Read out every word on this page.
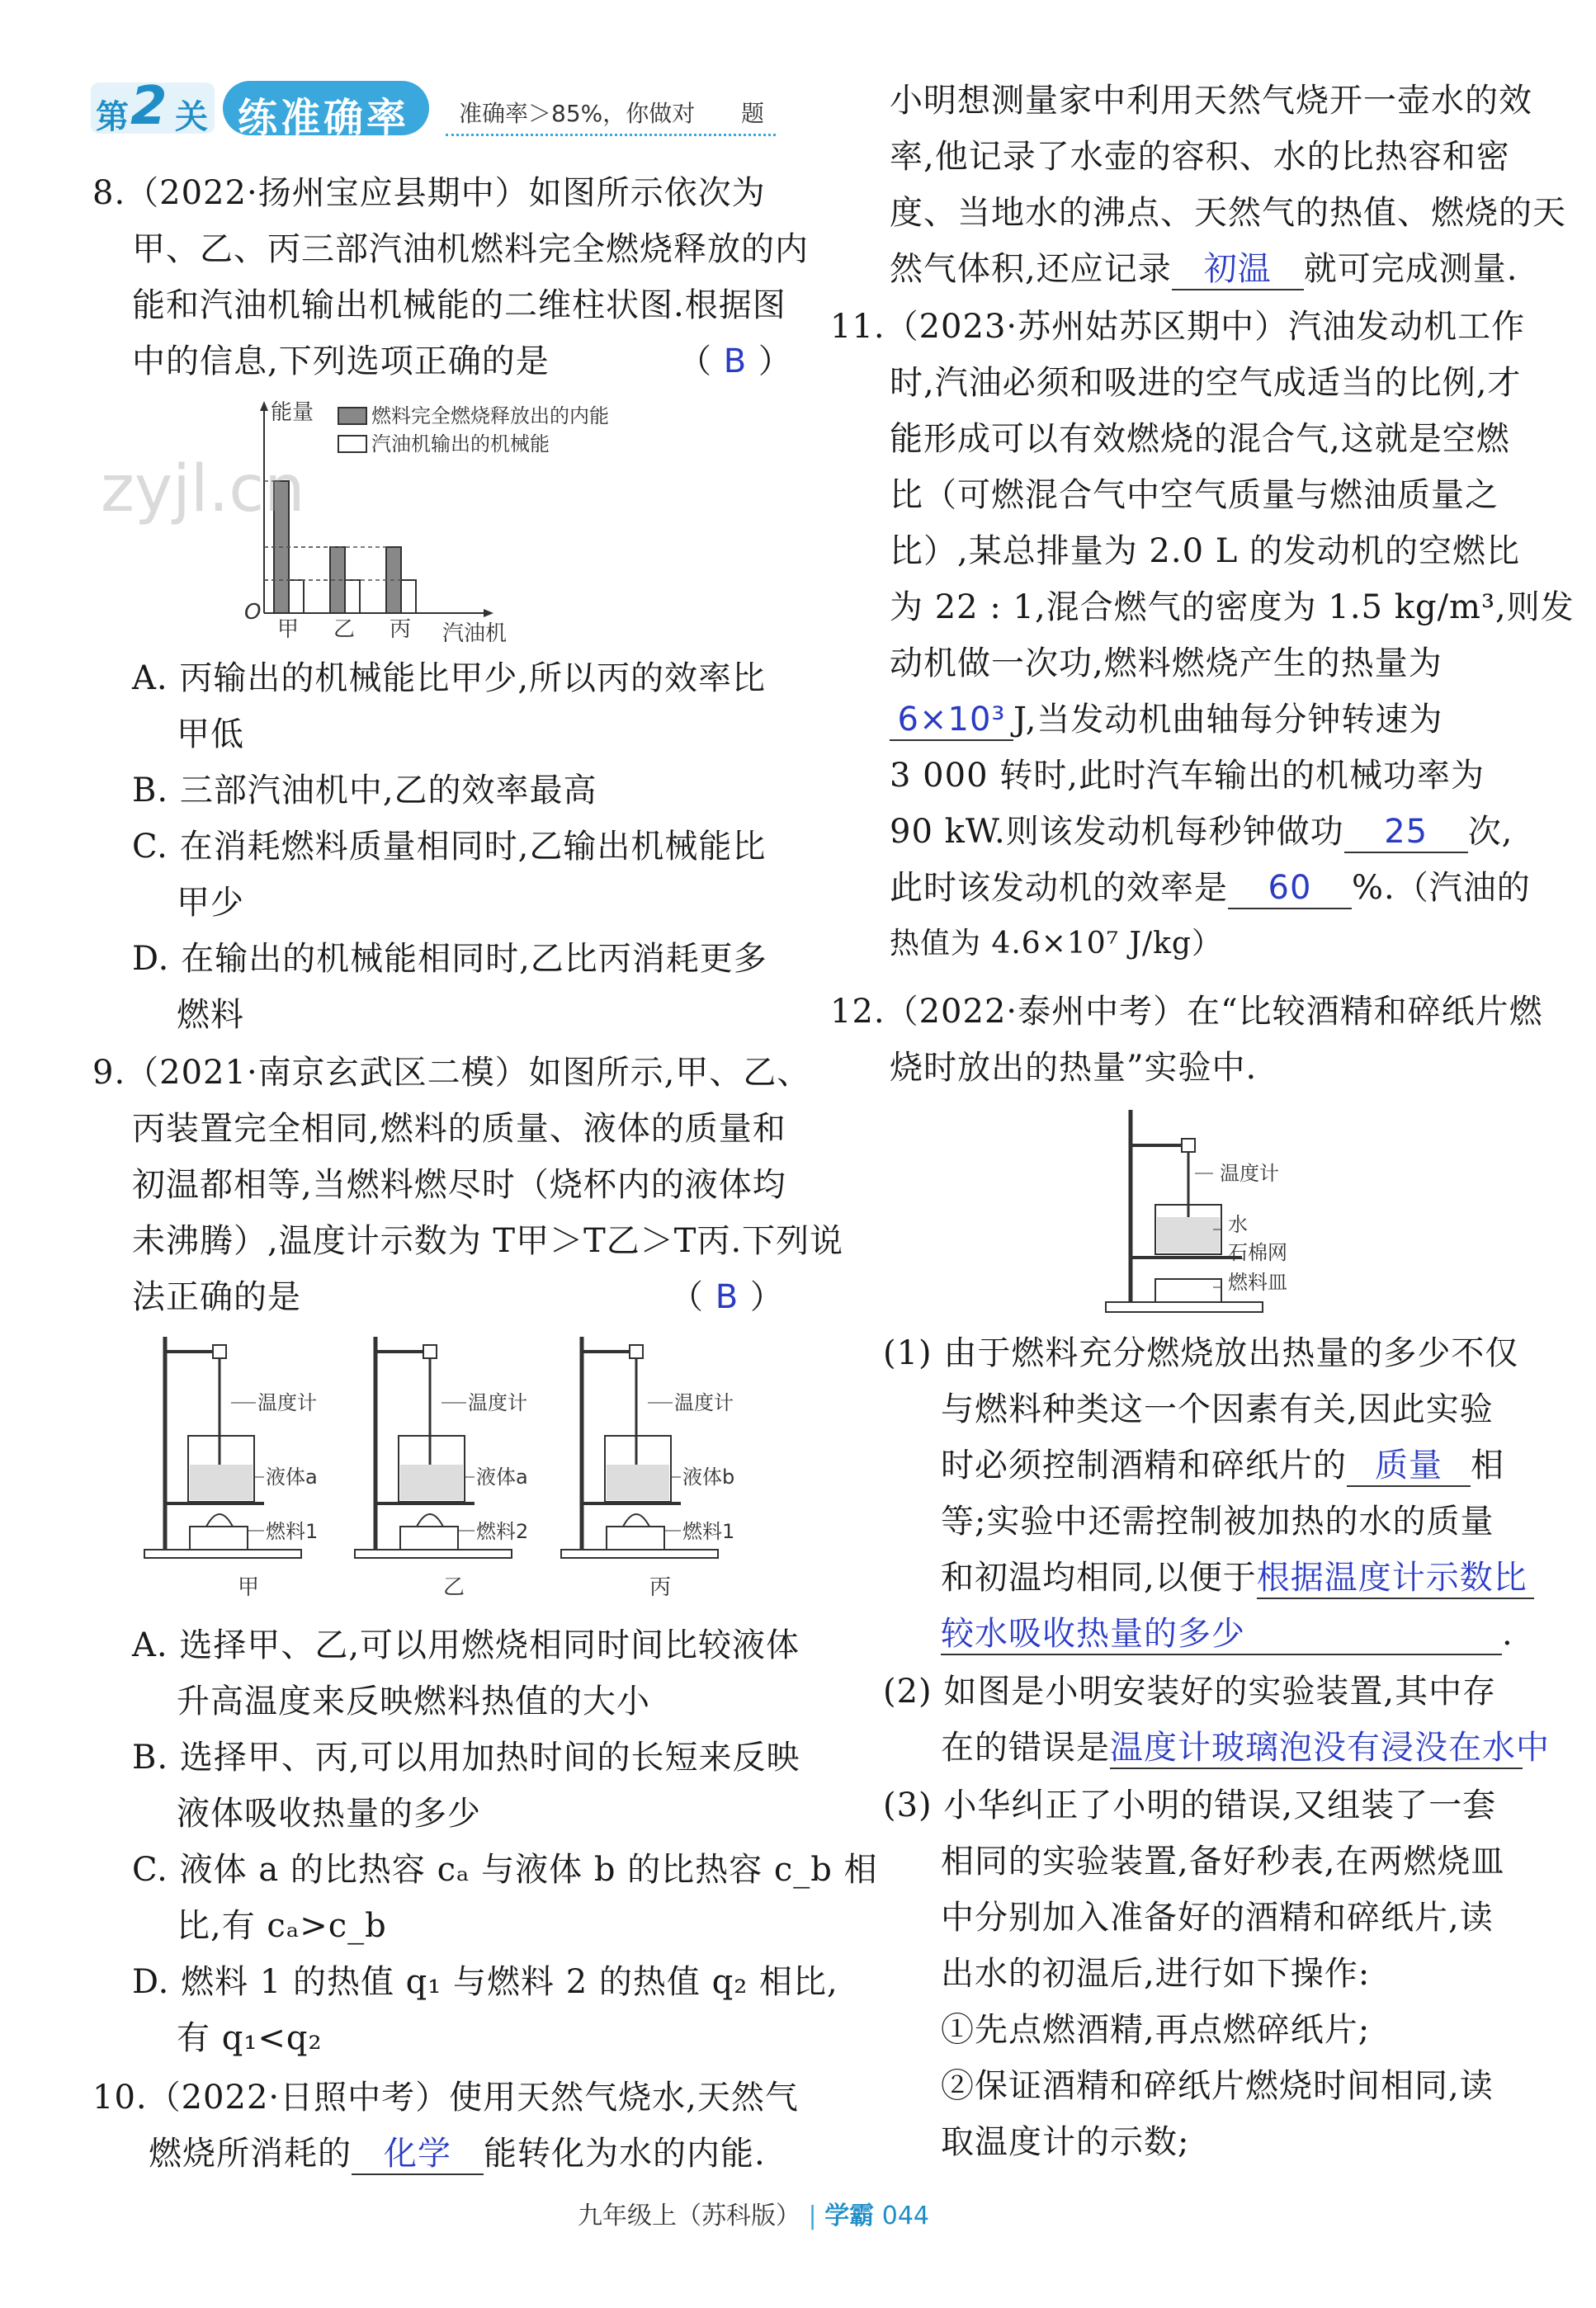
第 2 关 练准确率 准确率＞85%，你做对 题
8.（2022·扬州宝应县期中）如图所示依次为
甲、乙、丙三部汽油机燃料完全燃烧释放的内
能和汽油机输出机械能的二维柱状图.根据图
中的信息,下列选项正确的是	（ B ）
能量
O
汽油机
燃料完全燃烧释放出的内能
汽油机输出的机械能
甲 乙 丙
A. 丙输出的机械能比甲少,所以丙的效率比
甲低
B. 三部汽油机中,乙的效率最高
C. 在消耗燃料质量相同时,乙输出机械能比
甲少
D. 在输出的机械能相同时,乙比丙消耗更多
燃料
9.（2021·南京玄武区二模）如图所示,甲、乙、
丙装置完全相同,燃料的质量、液体的质量和
初温都相等,当燃料燃尽时（烧杯内的液体均
未沸腾）,温度计示数为 T甲＞T乙＞T丙.下列说
法正确的是	（ B ）
温度计
液体a
燃料1
甲
温度计
液体a
燃料2
乙
温度计
液体b
燃料1
丙
A. 选择甲、乙,可以用燃烧相同时间比较液体
升高温度来反映燃料热值的大小
B. 选择甲、丙,可以用加热时间的长短来反映
液体吸收热量的多少
C. 液体 a 的比热容 cₐ 与液体 b 的比热容 c_b 相
比,有 cₐ>c_b
D. 燃料 1 的热值 q₁ 与燃料 2 的热值 q₂ 相比,
有 q₁<q₂
10.（2022·日照中考）使用天然气烧水,天然气
燃烧所消耗的 化学 能转化为水的内能.
小明想测量家中利用天然气烧开一壶水的效
率,他记录了水壶的容积、水的比热容和密
度、当地水的沸点、天然气的热值、燃烧的天
然气体积,还应记录 初温 就可完成测量.
11.（2023·苏州姑苏区期中）汽油发动机工作
时,汽油必须和吸进的空气成适当的比例,才
能形成可以有效燃烧的混合气,这就是空燃
比（可燃混合气中空气质量与燃油质量之
比）,某总排量为 2.0 L 的发动机的空燃比
为 22 : 1,混合燃气的密度为 1.5 kg/m³,则发
动机做一次功,燃料燃烧产生的热量为
6×10³ J,当发动机曲轴每分钟转速为
3 000 转时,此时汽车输出的机械功率为
90 kW.则该发动机每秒钟做功 25 次,
此时该发动机的效率是 60 %.（汽油的
热值为 4.6×10⁷ J/kg）
12.（2022·泰州中考）在“比较酒精和碎纸片燃
烧时放出的热量”实验中.
温度计
水
石棉网
燃料皿
(1) 由于燃料充分燃烧放出热量的多少不仅
与燃料种类这一个因素有关,因此实验
时必须控制酒精和碎纸片的 质量 相
等;实验中还需控制被加热的水的质量
和初温均相同,以便于根据温度计示数比
较水吸收热量的多少	.
(2) 如图是小明安装好的实验装置,其中存
在的错误是温度计玻璃泡没有浸没在水中
(3) 小华纠正了小明的错误,又组装了一套
相同的实验装置,备好秒表,在两燃烧皿
中分别加入准备好的酒精和碎纸片,读
出水的初温后,进行如下操作:
①先点燃酒精,再点燃碎纸片;
②保证酒精和碎纸片燃烧时间相同,读
取温度计的示数;
zyjl.cn
九年级上（苏科版） | 学霸 044
